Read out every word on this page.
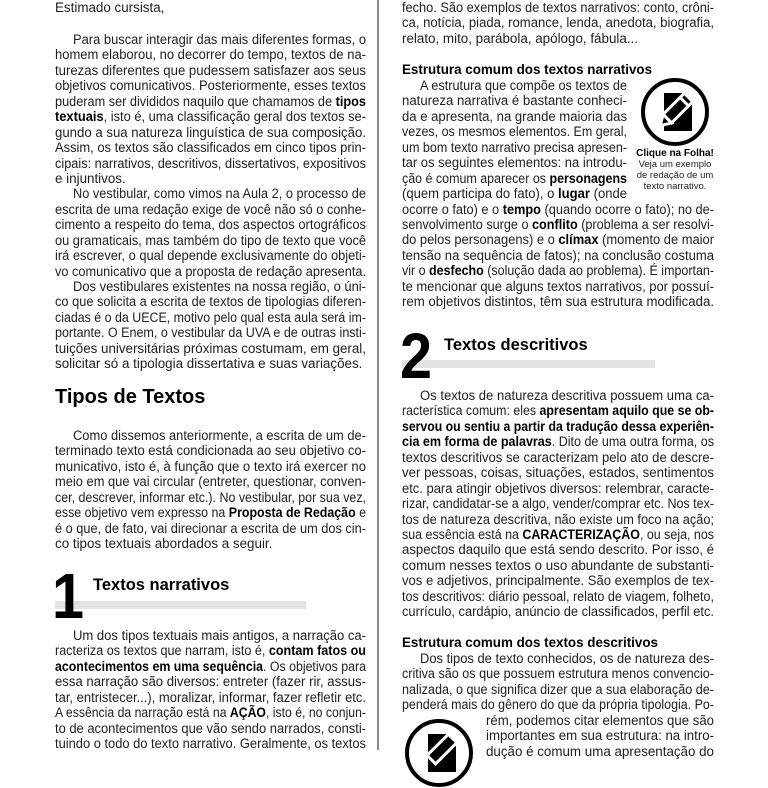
Estimado cursista,
Para buscar interagir das mais diferentes formas, o
homem elaborou, no decorrer do tempo, textos de na-
turezas diferentes que pudessem satisfazer aos seus
objetivos comunicativos. Posteriormente, esses textos
puderam ser divididos naquilo que chamamos de tipos
textuais, isto é, uma classificação geral dos textos se-
gundo a sua natureza linguística de sua composição.
Assim, os textos são classificados em cinco tipos prin-
cipais: narrativos, descritivos, dissertativos, expositivos
e injuntivos.
No vestibular, como vimos na Aula 2, o processo de
escrita de uma redação exige de você não só o conhe-
cimento a respeito do tema, dos aspectos ortográficos
ou gramaticais, mas também do tipo de texto que você
irá escrever, o qual depende exclusivamente do objeti-
vo comunicativo que a proposta de redação apresenta.
Dos vestibulares existentes na nossa região, o úni-
co que solicita a escrita de textos de tipologias diferen-
ciadas é o da UECE, motivo pelo qual esta aula será im-
portante. O Enem, o vestibular da UVA e de outras insti-
tuições universitárias próximas costumam, em geral,
solicitar só a tipologia dissertativa e suas variações.
Tipos de Textos
Como dissemos anteriormente, a escrita de um de-
terminado texto está condicionada ao seu objetivo co-
municativo, isto é, à função que o texto irá exercer no
meio em que vai circular (entreter, questionar, conven-
cer, descrever, informar etc.). No vestibular, por sua vez,
esse objetivo vem expresso na Proposta de Redação e
é o que, de fato, vai direcionar a escrita de um dos cin-
co tipos textuais abordados a seguir.
1 Textos narrativos
Um dos tipos textuais mais antigos, a narração ca-
racteriza os textos que narram, isto é, contam fatos ou
acontecimentos em uma sequência. Os objetivos para
essa narração são diversos: entreter (fazer rir, assus-
tar, entristecer...), moralizar, informar, fazer refletir etc.
A essência da narração está na AÇÃO, isto é, no conjun-
to de acontecimentos que vão sendo narrados, consti-
tuindo o todo do texto narrativo. Geralmente, os textos
fecho. São exemplos de textos narrativos: conto, crôni-
ca, notícia, piada, romance, lenda, anedota, biografia,
relato, mito, parábola, apólogo, fábula...
Estrutura comum dos textos narrativos
A estrutura que compõe os textos de
natureza narrativa é bastante conheci-
da e apresenta, na grande maioria das
vezes, os mesmos elementos. Em geral,
um bom texto narrativo precisa apresen-
tar os seguintes elementos: na introdu-
ção é comum aparecer os personagens
(quem participa do fato), o lugar (onde
ocorre o fato) e o tempo (quando ocorre o fato); no de-
senvolvimento surge o conflito (problema a ser resolvi-
do pelos personagens) e o clímax (momento de maior
tensão na sequência de fatos); na conclusão costuma
vir o desfecho (solução dada ao problema). É importan-
te mencionar que alguns textos narrativos, por possuí-
rem objetivos distintos, têm sua estrutura modificada.
Clique na Folha!
Veja um exemplo
de redação de um
texto narrativo.
2 Textos descritivos
Os textos de natureza descritiva possuem uma ca-
racterística comum: eles apresentam aquilo que se ob-
servou ou sentiu a partir da tradução dessa experiên-
cia em forma de palavras. Dito de uma outra forma, os
textos descritivos se caracterizam pelo ato de descre-
ver pessoas, coisas, situações, estados, sentimentos
etc. para atingir objetivos diversos: relembrar, caracte-
rizar, candidatar-se a algo, vender/comprar etc. Nos tex-
tos de natureza descritiva, não existe um foco na ação;
sua essência está na CARACTERIZAÇÃO, ou seja, nos
aspectos daquilo que está sendo descrito. Por isso, é
comum nesses textos o uso abundante de substanti-
vos e adjetivos, principalmente. São exemplos de tex-
tos descritivos: diário pessoal, relato de viagem, folheto,
currículo, cardápio, anúncio de classificados, perfil etc.
Estrutura comum dos textos descritivos
Dos tipos de texto conhecidos, os de natureza des-
critiva são os que possuem estrutura menos convencio-
nalizada, o que significa dizer que a sua elaboração de-
penderá mais do gênero do que da própria tipologia. Po-
rém, podemos citar elementos que são
importantes em sua estrutura: na intro-
dução é comum uma apresentação do
